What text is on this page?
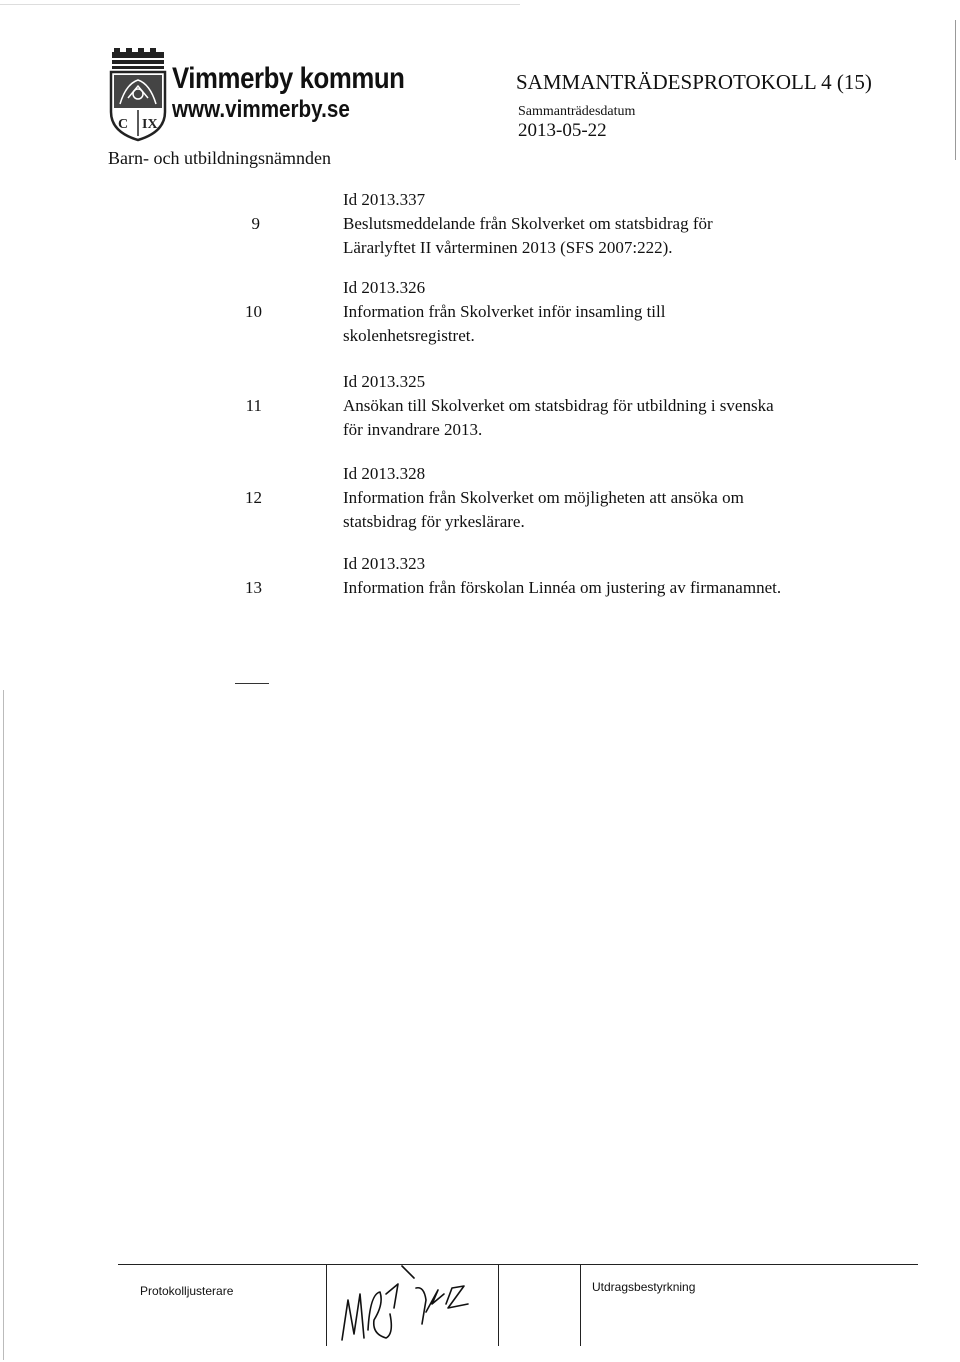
C IX
Vimmerby kommun
www.vimmerby.se
SAMMANTRÄDESPROTOKOLL 4 (15)
Sammanträdesdatum
2013-05-22
Barn- och utbildningsnämnden
9
Id 2013.337
Beslutsmeddelande från Skolverket om statsbidrag för
Lärarlyftet II vårterminen 2013 (SFS 2007:222).
10
Id 2013.326
Information från Skolverket inför insamling till
skolenhetsregistret.
11
Id 2013.325
Ansökan till Skolverket om statsbidrag för utbildning i svenska
för invandrare 2013.
12
Id 2013.328
Information från Skolverket om möjligheten att ansöka om
statsbidrag för yrkeslärare.
13
Id 2013.323
Information från förskolan Linnéa om justering av firmanamnet.
Protokolljusterare	Utdragsbestyrkning
